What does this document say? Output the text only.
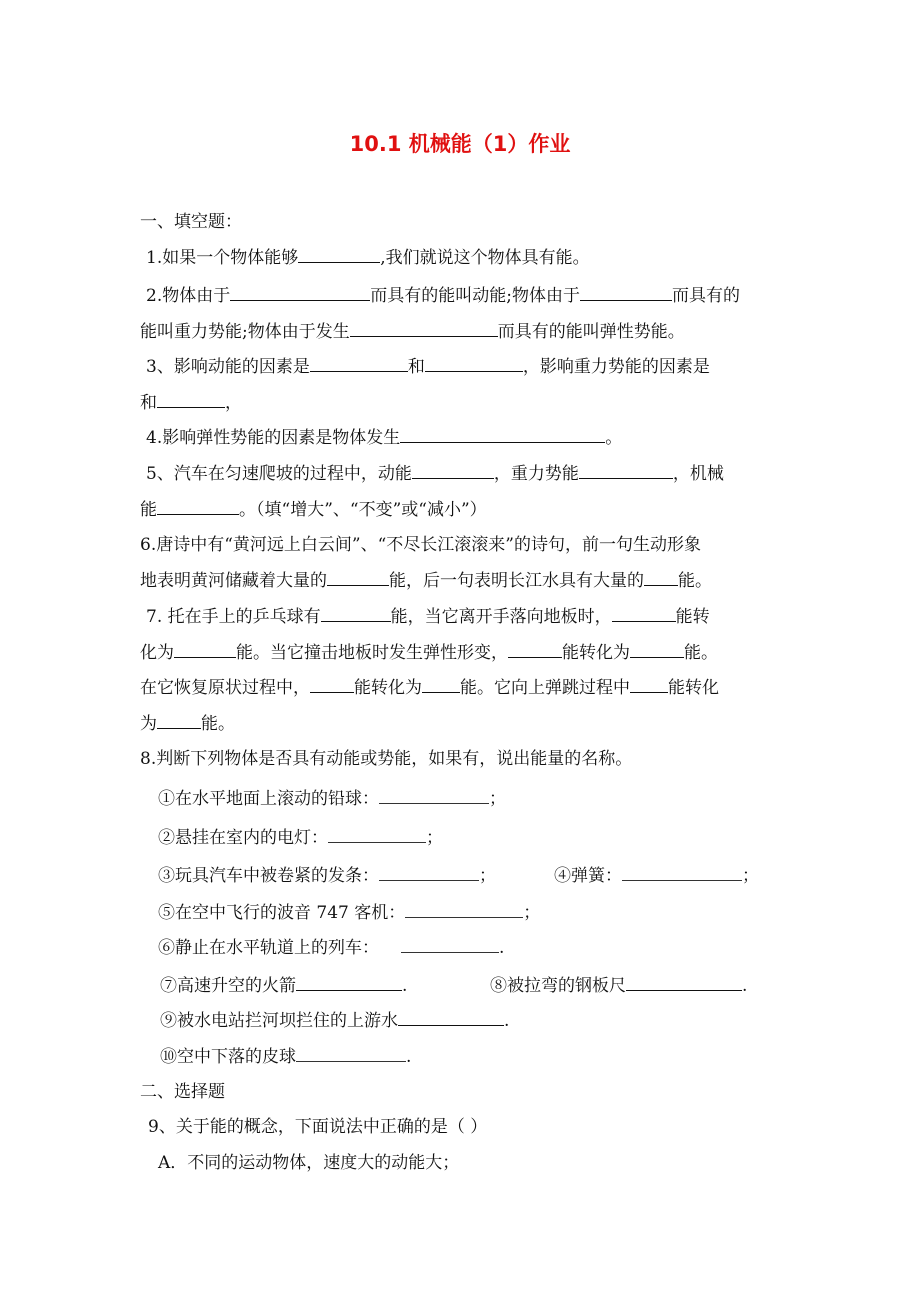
10.1 机械能（1）作业
一、填空题：
1.如果一个物体能够	,我们就说这个物体具有能。
2.物体由于	而具有的能叫动能;物体由于	而具有的
能叫重力势能;物体由于发生	而具有的能叫弹性势能。
3、影响动能的因素是	和	，影响重力势能的因素是
和	，
4.影响弹性势能的因素是物体发生	。
5、汽车在匀速爬坡的过程中，动能	，重力势能	，机械
能	。（填“增大”、“不变”或“减小”）
6.唐诗中有“黄河远上白云间”、“不尽长江滚滚来”的诗句，前一句生动形象
地表明黄河储藏着大量的	能，后一句表明长江水具有大量的 能。
7. 托在手上的乒乓球有	能，当它离开手落向地板时，	能转
化为	能。当它撞击地板时发生弹性形变，	能转化为	能。
在它恢复原状过程中，	能转化为 能。它向上弹跳过程中 能转化
为	能。
8.判断下列物体是否具有动能或势能，如果有，说出能量的名称。
①在水平地面上滚动的铅球：	；
②悬挂在室内的电灯：	；
③玩具汽车中被卷紧的发条：	；	④弹簧：	；
⑤在空中飞行的波音 747 客机：	；
⑥静止在水平轨道上的列车：	.
⑦高速升空的火箭	.	⑧被拉弯的钢板尺	.
⑨被水电站拦河坝拦住的上游水	.
⑩空中下落的皮球	.
二、选择题
9、关于能的概念，下面说法中正确的是（ ）
A．不同的运动物体，速度大的动能大；
